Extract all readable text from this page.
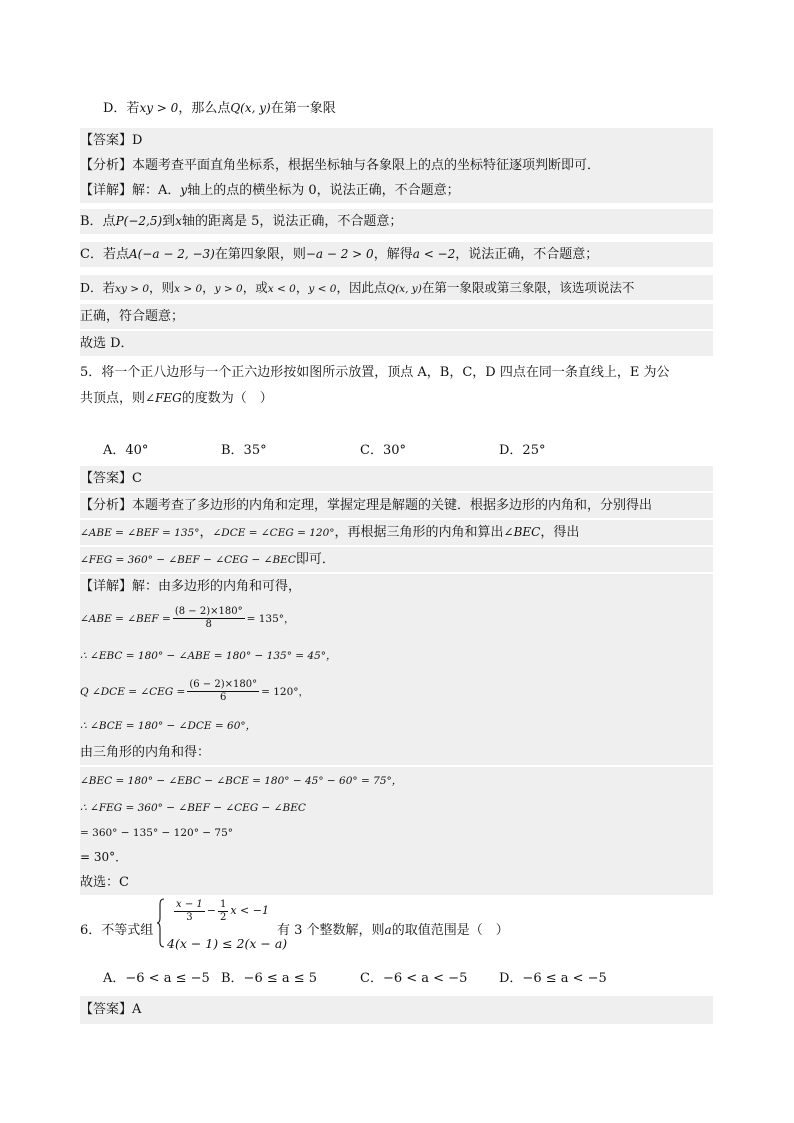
D．若xy > 0，那么点Q(x, y)在第一象限
【答案】D
【分析】本题考查平面直角坐标系，根据坐标轴与各象限上的点的坐标特征逐项判断即可．
【详解】解：A．y轴上的点的横坐标为 0，说法正确，不合题意；
B．点P(−2,5)到x轴的距离是 5，说法正确，不合题意；
C．若点A(−a − 2, −3)在第四象限，则−a − 2 > 0，解得a < −2，说法正确，不合题意；
D．若xy > 0，则x > 0，y > 0，或x < 0，y < 0，因此点Q(x, y)在第一象限或第三象限，该选项说法不
正确，符合题意；
故选 D．
5．将一个正八边形与一个正六边形按如图所示放置，顶点 A，B，C，D 四点在同一条直线上，E 为公
共顶点，则∠FEG的度数为（　）
A．40°	B．35°	C．30°	D．25°
【答案】C
【分析】本题考查了多边形的内角和定理，掌握定理是解题的关键．根据多边形的内角和，分别得出
∠ABE = ∠BEF = 135°，∠DCE = ∠CEG = 120°，再根据三角形的内角和算出∠BEC，得出
∠FEG = 360° − ∠BEF − ∠CEG − ∠BEC即可．
【详解】解：由多边形的内角和可得，
∠ABE = ∠BEF = $\frac{(8 - 2)\times 180^\circ}{8} = 135^\circ$，
∴ ∠EBC = 180° − ∠ABE = 180° − 135° = 45°，
Q ∠DCE = ∠CEG = $\frac{(6 - 2)\times 180^\circ}{6} = 120^\circ$，
∴ ∠BCE = 180° − ∠DCE = 60°，
由三角形的内角和得：
∠BEC = 180° − ∠EBC − ∠BCE = 180° − 45° − 60° = 75°，
∴ ∠FEG = 360° − ∠BEF − ∠CEG − ∠BEC
= 360° − 135° − 120° − 75°
= 30°．
故选：C
6．不等式组
$\frac{x - 1}{3} - \frac{1}{2}$ x < −1
4(x − 1) ≤ 2(x − a)
有 3 个整数解，则a的取值范围是（　）
A．−6 < a ≤ −5 B．−6 ≤ a ≤ 5	C．−6 < a < −5 D．−6 ≤ a < −5
【答案】A
